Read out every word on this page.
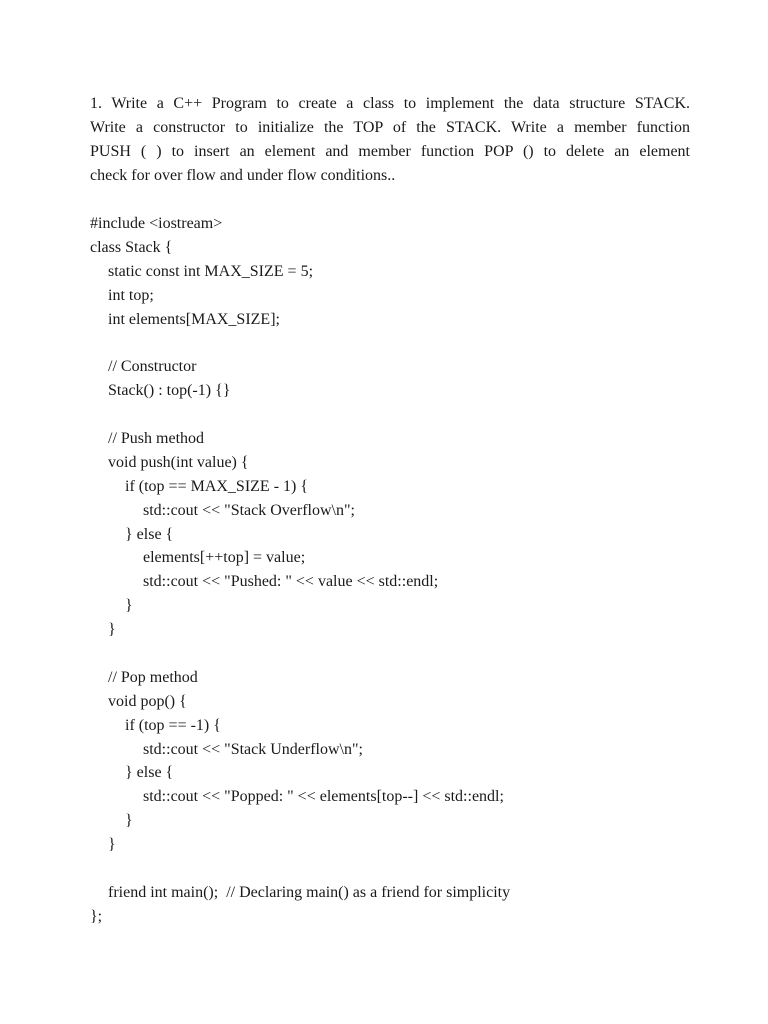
1. Write a C++ Program to create a class to implement the data structure STACK.
Write a constructor to initialize the TOP of the STACK. Write a member function
PUSH ( ) to insert an element and member function POP () to delete an element
check for over flow and under flow conditions..
#include <iostream>
class Stack {
static const int MAX_SIZE = 5;
int top;
int elements[MAX_SIZE];
// Constructor
Stack() : top(-1) {}
// Push method
void push(int value) {
if (top == MAX_SIZE - 1) {
std::cout << "Stack Overflow\n";
} else {
elements[++top] = value;
std::cout << "Pushed: " << value << std::endl;
}
}
// Pop method
void pop() {
if (top == -1) {
std::cout << "Stack Underflow\n";
} else {
std::cout << "Popped: " << elements[top--] << std::endl;
}
}
friend int main();  // Declaring main() as a friend for simplicity
};
